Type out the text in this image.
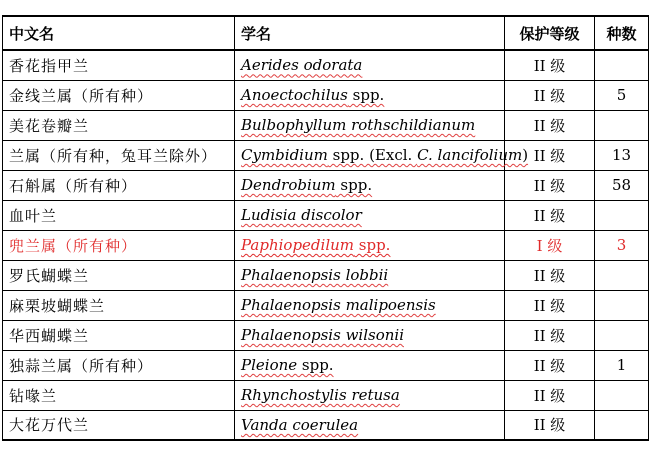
中文名	学名	保护等级	种数
香花指甲兰	Aerides odorata	II 级	
金线兰属（所有种）	Anoectochilus spp.	II 级	5
美花卷瓣兰	Bulbophyllum rothschildianum	II 级	
兰属（所有种，兔耳兰除外）	Cymbidium spp. (Excl. C. lancifolium)	II 级	13
石斛属（所有种）	Dendrobium spp.	II 级	58
血叶兰	Ludisia discolor	II 级	
兜兰属（所有种）	Paphiopedilum spp.	I 级	3
罗氏蝴蝶兰	Phalaenopsis lobbii	II 级	
麻栗坡蝴蝶兰	Phalaenopsis malipoensis	II 级	
华西蝴蝶兰	Phalaenopsis wilsonii	II 级	
独蒜兰属（所有种）	Pleione spp.	II 级	1
钻喙兰	Rhynchostylis retusa	II 级	
大花万代兰	Vanda coerulea	II 级	
